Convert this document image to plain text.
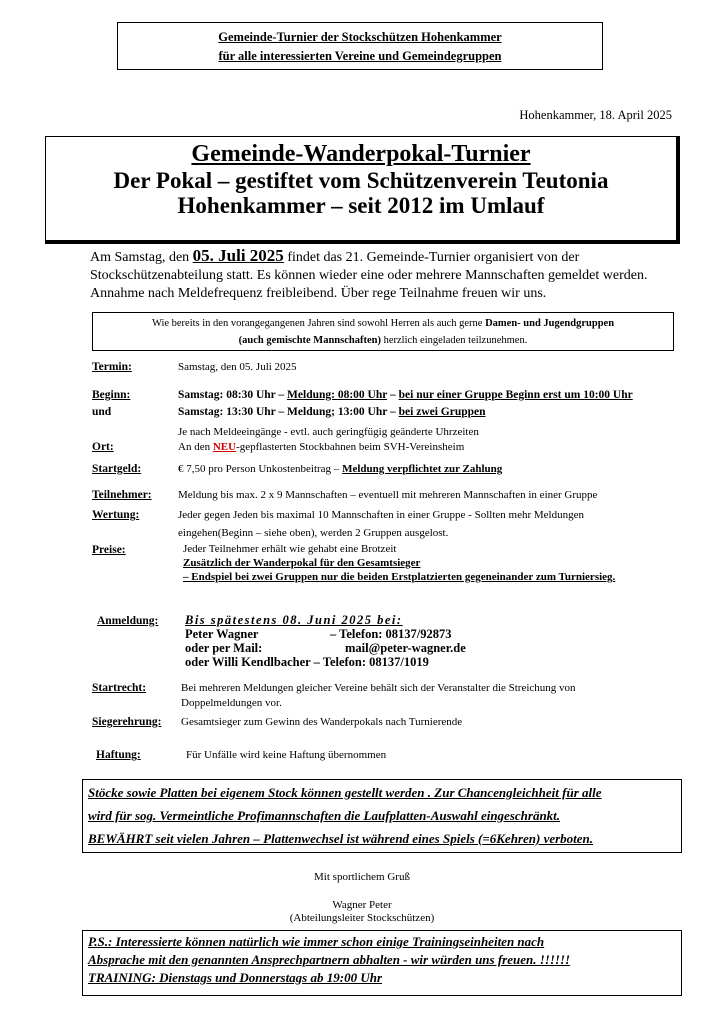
Gemeinde-Turnier der Stockschützen Hohenkammer
für alle interessierten Vereine und Gemeindegruppen
Hohenkammer, 18. April 2025
Gemeinde-Wanderpokal-Turnier
Der Pokal – gestiftet vom Schützenverein Teutonia
Hohenkammer – seit 2012 im Umlauf
Am Samstag, den 05. Juli 2025 findet das 21. Gemeinde-Turnier organisiert von der
Stockschützenabteilung statt. Es können wieder eine oder mehrere Mannschaften gemeldet werden.
Annahme nach Meldefrequenz freibleibend. Über rege Teilnahme freuen wir uns.
Wie bereits in den vorangegangenen Jahren sind sowohl Herren als auch gerne Damen- und Jugendgruppen
(auch gemischte Mannschaften) herzlich eingeladen teilzunehmen.
Termin:	Samstag, den 05. Juli 2025
Beginn:	Samstag: 08:30 Uhr – Meldung: 08:00 Uhr – bei nur einer Gruppe Beginn erst um 10:00 Uhr
und	Samstag: 13:30 Uhr – Meldung; 13:00 Uhr – bei zwei Gruppen
Je nach Meldeeingänge - evtl. auch geringfügig geänderte Uhrzeiten
Ort:	An den NEU-gepflasterten Stockbahnen beim SVH-Vereinsheim
Startgeld:	€ 7,50 pro Person Unkostenbeitrag – Meldung verpflichtet zur Zahlung
Teilnehmer: Meldung bis max. 2 x 9 Mannschaften – eventuell mit mehreren Mannschaften in einer Gruppe
Wertung:	Jeder gegen Jeden bis maximal 10 Mannschaften in einer Gruppe - Sollten mehr Meldungen
eingehen(Beginn – siehe oben), werden 2 Gruppen ausgelost.
Preise:	Jeder Teilnehmer erhält wie gehabt eine Brotzeit
Zusätzlich der Wanderpokal für den Gesamtsieger
– Endspiel bei zwei Gruppen nur die beiden Erstplatzierten gegeneinander zum Turniersieg.
Anmeldung: Bis spätestens 08. Juni 2025 bei:
Peter Wagner	– Telefon: 08137/92873
oder per Mail:	mail@peter-wagner.de
oder Willi Kendlbacher – Telefon: 08137/1019
Startrecht:	Bei mehreren Meldungen gleicher Vereine behält sich der Veranstalter die Streichung von
Doppelmeldungen vor.
Siegerehrung: Gesamtsieger zum Gewinn des Wanderpokals nach Turnierende
Haftung:	Für Unfälle wird keine Haftung übernommen
Stöcke sowie Platten bei eigenem Stock können gestellt werden . Zur Chancengleichheit für alle
wird für sog. Vermeintliche Profimannschaften die Laufplatten-Auswahl eingeschränkt.
BEWÄHRT seit vielen Jahren – Plattenwechsel ist während eines Spiels (=6Kehren) verboten.
Mit sportlichem Gruß
Wagner Peter
(Abteilungsleiter Stockschützen)
P.S.: Interessierte können natürlich wie immer schon einige Trainingseinheiten nach
Absprache mit den genannten Ansprechpartnern abhalten - wir würden uns freuen. !!!!!!
TRAINING: Dienstags und Donnerstags ab 19:00 Uhr
